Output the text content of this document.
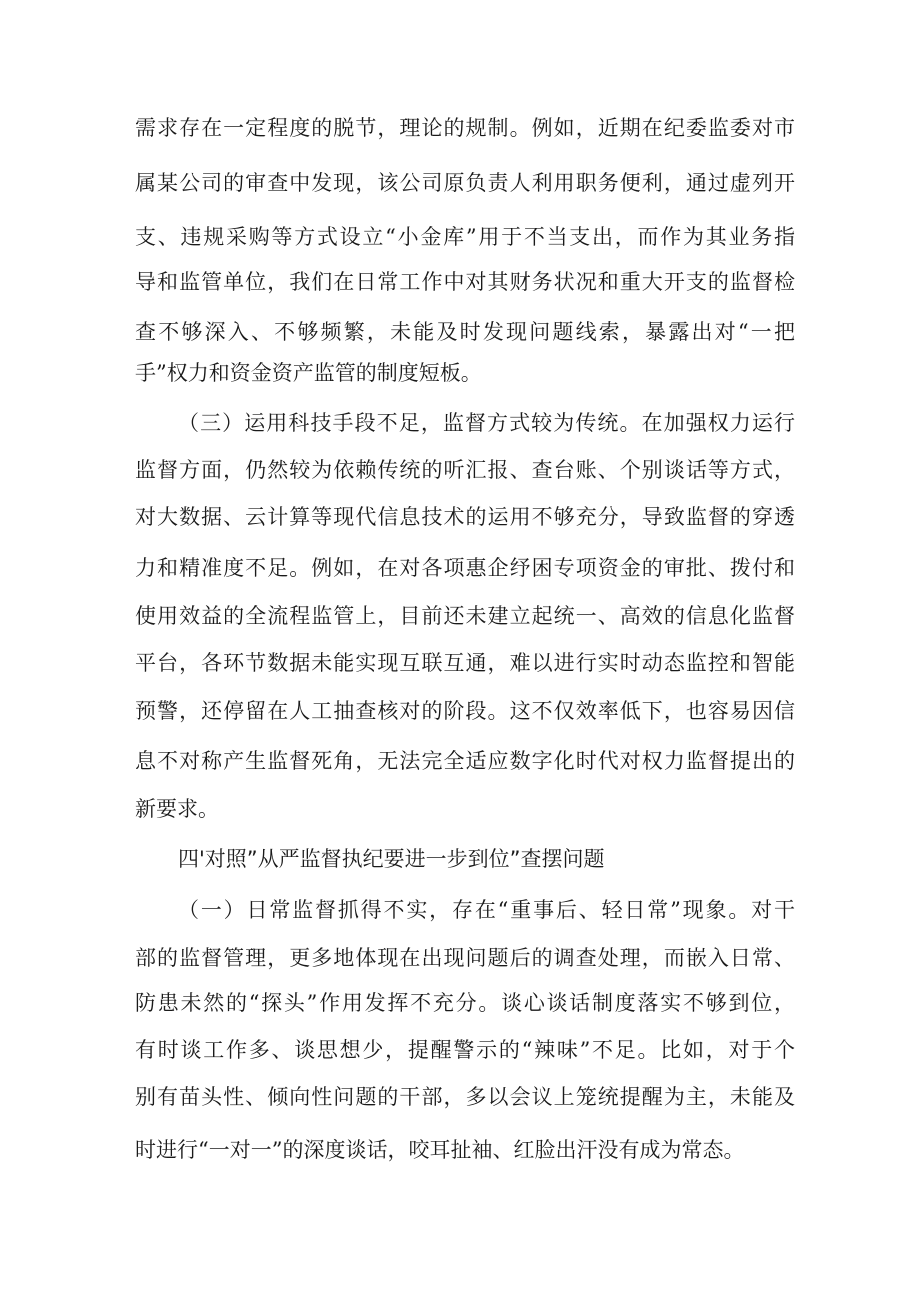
需求存在一定程度的脱节，理论的规制。例如，近期在纪委监委对市
属某公司的审查中发现，该公司原负责人利用职务便利，通过虚列开
支、违规采购等方式设立“小金库”用于不当支出，而作为其业务指
导和监管单位，我们在日常工作中对其财务状况和重大开支的监督检
查不够深入、不够频繁，未能及时发现问题线索，暴露出对“一把
手”权力和资金资产监管的制度短板。
（三）运用科技手段不足，监督方式较为传统。在加强权力运行
监督方面，仍然较为依赖传统的听汇报、查台账、个别谈话等方式，
对大数据、云计算等现代信息技术的运用不够充分，导致监督的穿透
力和精准度不足。例如，在对各项惠企纾困专项资金的审批、拨付和
使用效益的全流程监管上，目前还未建立起统一、高效的信息化监督
平台，各环节数据未能实现互联互通，难以进行实时动态监控和智能
预警，还停留在人工抽查核对的阶段。这不仅效率低下，也容易因信
息不对称产生监督死角，无法完全适应数字化时代对权力监督提出的
新要求。
四'对照”从严监督执纪要进一步到位”查摆问题
（一）日常监督抓得不实，存在“重事后、轻日常”现象。对干
部的监督管理，更多地体现在出现问题后的调查处理，而嵌入日常、
防患未然的“探头”作用发挥不充分。谈心谈话制度落实不够到位，
有时谈工作多、谈思想少，提醒警示的“辣味”不足。比如，对于个
别有苗头性、倾向性问题的干部，多以会议上笼统提醒为主，未能及
时进行“一对一”的深度谈话，咬耳扯袖、红脸出汗没有成为常态。
